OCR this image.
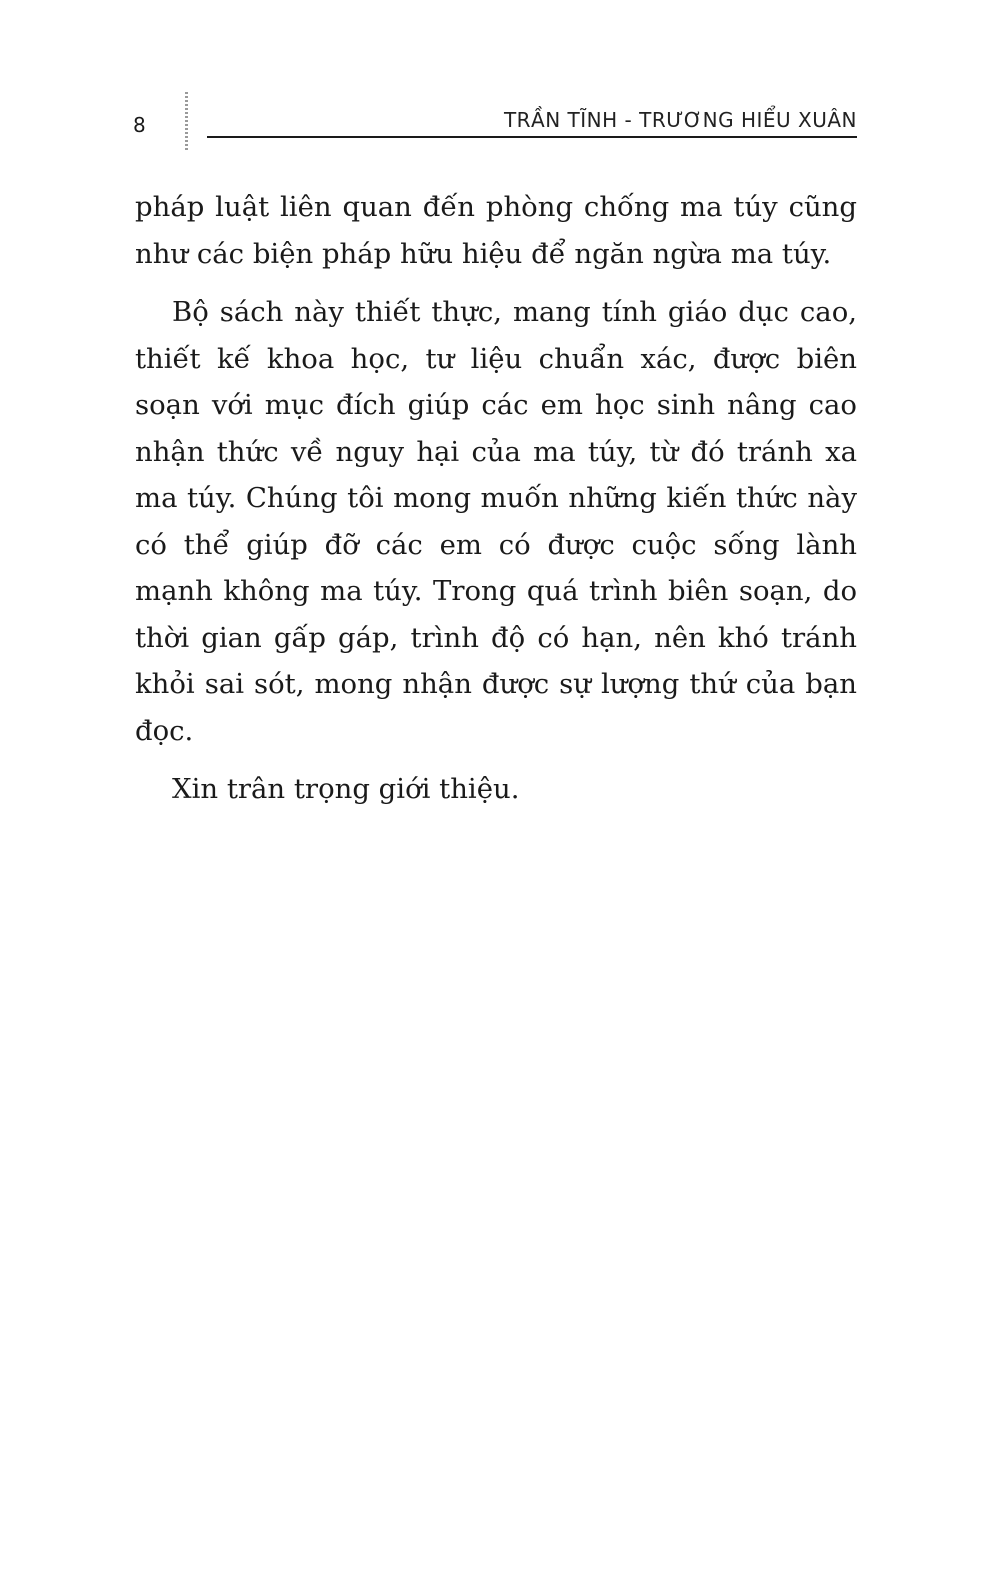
8	TRẦN TĨNH - TRƯƠNG HIỂU XUÂN

pháp luật liên quan đến phòng chống ma túy cũng như các biện pháp hữu hiệu để ngăn ngừa ma túy.

Bộ sách này thiết thực, mang tính giáo dục cao, thiết kế khoa học, tư liệu chuẩn xác, được biên soạn với mục đích giúp các em học sinh nâng cao nhận thức về nguy hại của ma túy, từ đó tránh xa ma túy. Chúng tôi mong muốn những kiến thức này có thể giúp đỡ các em có được cuộc sống lành mạnh không ma túy. Trong quá trình biên soạn, do thời gian gấp gáp, trình độ có hạn, nên khó tránh khỏi sai sót, mong nhận được sự lượng thứ của bạn đọc.

Xin trân trọng giới thiệu.
